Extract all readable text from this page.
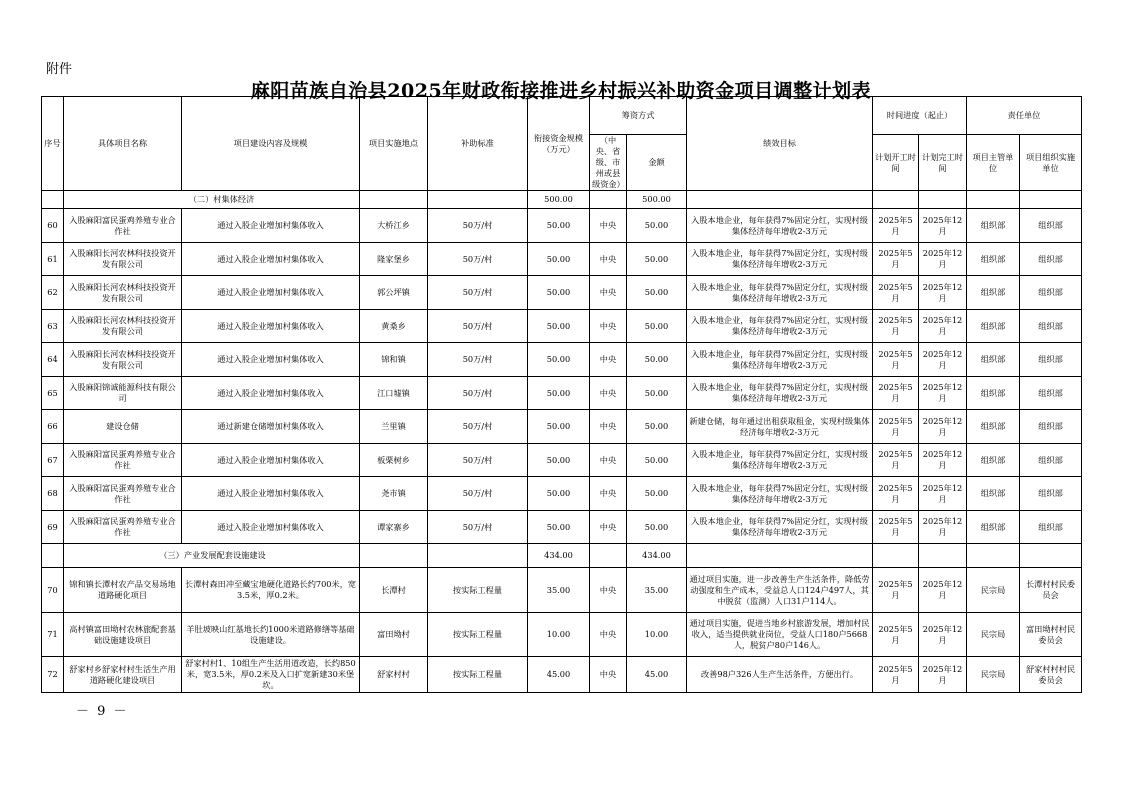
附件
麻阳苗族自治县2025年财政衔接推进乡村振兴补助资金项目调整计划表
序号	具体项目名称	项目建设内容及规模	项目实施地点	补助标准	衔接资金规模（万元）	筹资方式		绩效目标	时间进度（起止）		责任单位	
						（中央、省级、市州或县级资金）	金额		计划开工时间	计划完工时间	项目主管单位	项目组织实施单位
	（二）村集体经济				500.00		500.00					
60	入股麻阳富民蛋鸡养殖专业合作社	通过入股企业增加村集体收入	大桥江乡	50万/村	50.00	中央	50.00	入股本地企业，每年获得7%固定分红，实现村级集体经济每年增收2-3万元	2025年5月	2025年12月	组织部	组织部
61	入股麻阳长河农林科技投资开发有限公司	通过入股企业增加村集体收入	隆家堡乡	50万/村	50.00	中央	50.00	入股本地企业，每年获得7%固定分红，实现村级集体经济每年增收2-3万元	2025年5月	2025年12月	组织部	组织部
62	入股麻阳长河农林科技投资开发有限公司	通过入股企业增加村集体收入	郭公坪镇	50万/村	50.00	中央	50.00	入股本地企业，每年获得7%固定分红，实现村级集体经济每年增收2-3万元	2025年5月	2025年12月	组织部	组织部
63	入股麻阳长河农林科技投资开发有限公司	通过入股企业增加村集体收入	黄桑乡	50万/村	50.00	中央	50.00	入股本地企业，每年获得7%固定分红，实现村级集体经济每年增收2-3万元	2025年5月	2025年12月	组织部	组织部
64	入股麻阳长河农林科技投资开发有限公司	通过入股企业增加村集体收入	锦和镇	50万/村	50.00	中央	50.00	入股本地企业，每年获得7%固定分红，实现村级集体经济每年增收2-3万元	2025年5月	2025年12月	组织部	组织部
65	入股麻阳锦诚能源科技有限公司	通过入股企业增加村集体收入	江口墟镇	50万/村	50.00	中央	50.00	入股本地企业，每年获得7%固定分红，实现村级集体经济每年增收2-3万元	2025年5月	2025年12月	组织部	组织部
66	建设仓储	通过新建仓储增加村集体收入	兰里镇	50万/村	50.00	中央	50.00	新建仓储，每年通过出租获取租金，实现村级集体经济每年增收2-3万元	2025年5月	2025年12月	组织部	组织部
67	入股麻阳富民蛋鸡养殖专业合作社	通过入股企业增加村集体收入	板栗树乡	50万/村	50.00	中央	50.00	入股本地企业，每年获得7%固定分红，实现村级集体经济每年增收2-3万元	2025年5月	2025年12月	组织部	组织部
68	入股麻阳富民蛋鸡养殖专业合作社	通过入股企业增加村集体收入	尧市镇	50万/村	50.00	中央	50.00	入股本地企业，每年获得7%固定分红，实现村级集体经济每年增收2-3万元	2025年5月	2025年12月	组织部	组织部
69	入股麻阳富民蛋鸡养殖专业合作社	通过入股企业增加村集体收入	谭家寨乡	50万/村	50.00	中央	50.00	入股本地企业，每年获得7%固定分红，实现村级集体经济每年增收2-3万元	2025年5月	2025年12月	组织部	组织部
	（三）产业发展配套设施建设				434.00		434.00					
70	锦和镇长潭村农产品交易场地道路硬化项目	长潭村森田冲至藏宝地硬化道路长约700米，宽3.5米，厚0.2米。	长潭村	按实际工程量	35.00	中央	35.00	通过项目实施，进一步改善生产生活条件，降低劳动强度和生产成本，受益总人口124户497人，其中脱贫（监测）人口31户114人。	2025年5月	2025年12月	民宗局	长潭村村民委员会
71	高村镇富田坳村农林旅配套基础设施建设项目	羊肚坡映山红基地长约1000米道路修缮等基础设施建设。	富田坳村	按实际工程量	10.00	中央	10.00	通过项目实施，促进当地乡村旅游发展，增加村民收入，适当提供就业岗位，受益人口180户5668人，脱贫户80户146人。	2025年5月	2025年12月	民宗局	富田坳村村民委员会
72	舒家村乡舒家村村生活生产用道路硬化建设项目	舒家村村1、10组生产生活用道改造，长约850米，宽3.5米，厚0.2米及入口扩宽新建30米堡坎。	舒家村村	按实际工程量	45.00	中央	45.00	改善98户326人生产生活条件，方便出行。	2025年5月	2025年12月	民宗局	舒家村村村民委员会
－ 9 －
